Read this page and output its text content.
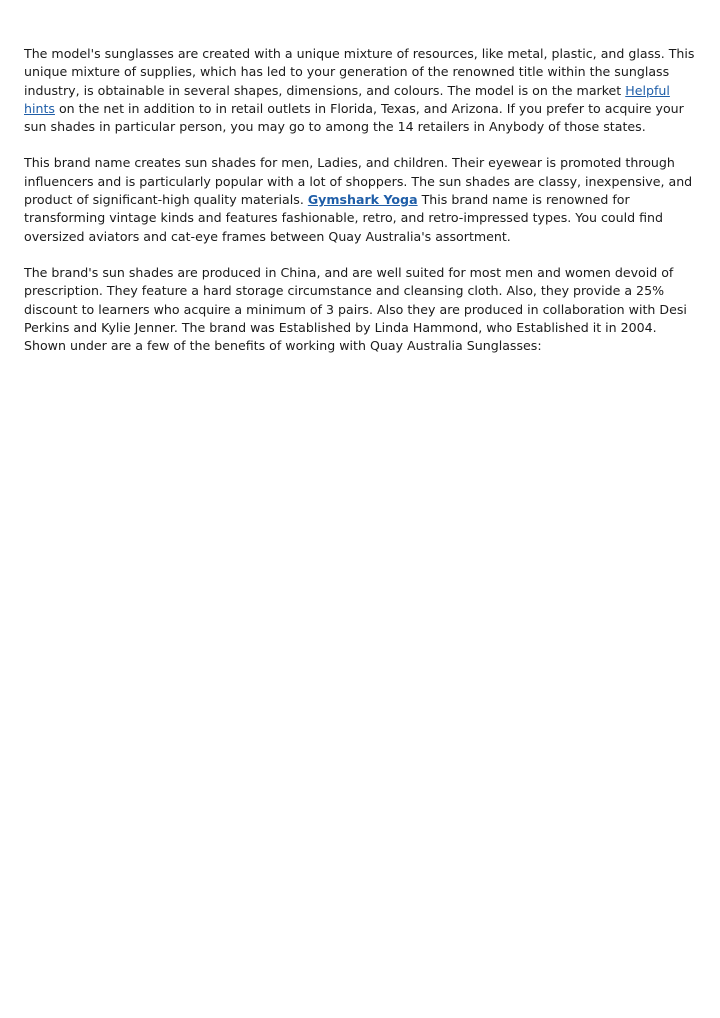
The model's sunglasses are created with a unique mixture of resources, like metal, plastic, and glass. This unique mixture of supplies, which has led to your generation of the renowned title within the sunglass industry, is obtainable in several shapes, dimensions, and colours. The model is on the market Helpful hints on the net in addition to in retail outlets in Florida, Texas, and Arizona. If you prefer to acquire your sun shades in particular person, you may go to among the 14 retailers in Anybody of those states.

This brand name creates sun shades for men, Ladies, and children. Their eyewear is promoted through influencers and is particularly popular with a lot of shoppers. The sun shades are classy, inexpensive, and product of significant-high quality materials. Gymshark Yoga This brand name is renowned for transforming vintage kinds and features fashionable, retro, and retro-impressed types. You could find oversized aviators and cat-eye frames between Quay Australia's assortment.

The brand's sun shades are produced in China, and are well suited for most men and women devoid of prescription. They feature a hard storage circumstance and cleansing cloth. Also, they provide a 25% discount to learners who acquire a minimum of 3 pairs. Also they are produced in collaboration with Desi Perkins and Kylie Jenner. The brand was Established by Linda Hammond, who Established it in 2004. Shown under are a few of the benefits of working with Quay Australia Sunglasses:
